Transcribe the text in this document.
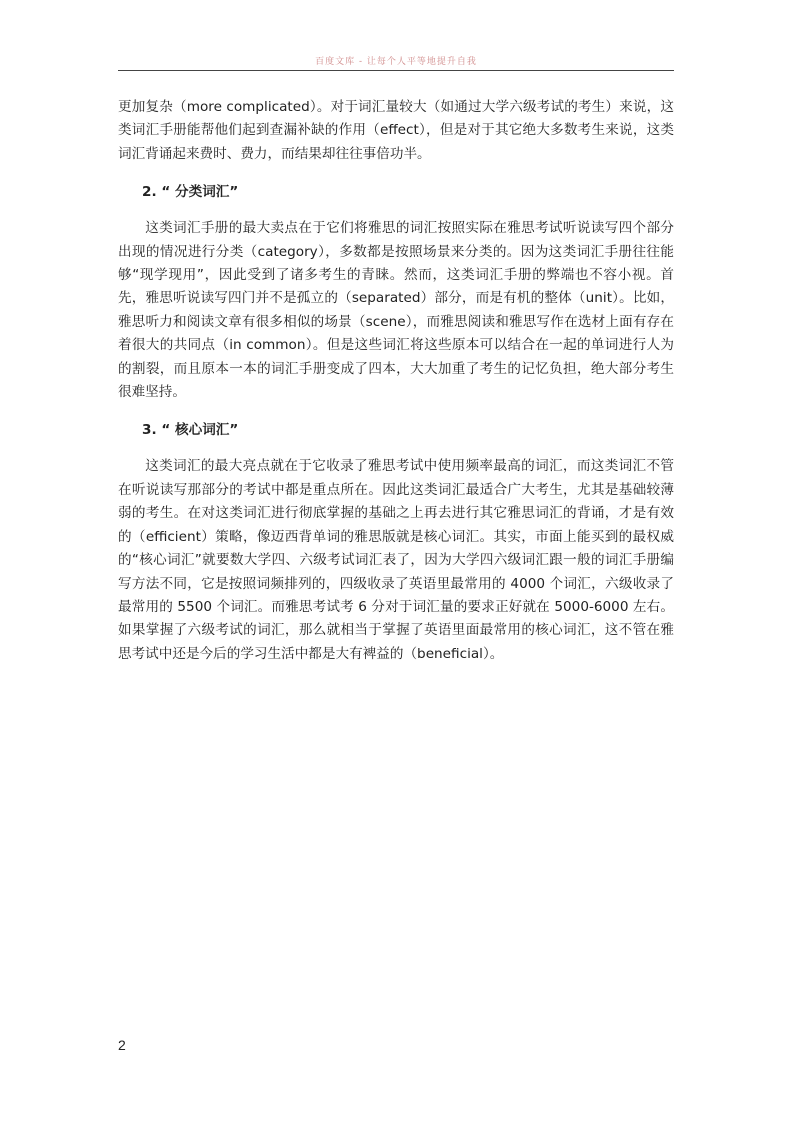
百度文库 - 让每个人平等地提升自我

更加复杂（more complicated）。对于词汇量较大（如通过大学六级考试的考生）来说，这类词汇手册能帮他们起到查漏补缺的作用（effect），但是对于其它绝大多数考生来说，这类词汇背诵起来费时、费力，而结果却往往事倍功半。

2. “ 分类词汇”

这类词汇手册的最大卖点在于它们将雅思的词汇按照实际在雅思考试听说读写四个部分出现的情况进行分类（category），多数都是按照场景来分类的。因为这类词汇手册往往能够“现学现用”，因此受到了诸多考生的青睐。然而，这类词汇手册的弊端也不容小视。首先，雅思听说读写四门并不是孤立的（separated）部分，而是有机的整体（unit）。比如，雅思听力和阅读文章有很多相似的场景（scene），而雅思阅读和雅思写作在选材上面有存在着很大的共同点（in common）。但是这些词汇将这些原本可以结合在一起的单词进行人为的割裂，而且原本一本的词汇手册变成了四本，大大加重了考生的记忆负担，绝大部分考生很难坚持。

3. “ 核心词汇”

这类词汇的最大亮点就在于它收录了雅思考试中使用频率最高的词汇，而这类词汇不管在听说读写那部分的考试中都是重点所在。因此这类词汇最适合广大考生，尤其是基础较薄弱的考生。在对这类词汇进行彻底掌握的基础之上再去进行其它雅思词汇的背诵，才是有效的（efficient）策略，像迈西背单词的雅思版就是核心词汇。其实，市面上能买到的最权威的“核心词汇”就要数大学四、六级考试词汇表了，因为大学四六级词汇跟一般的词汇手册编写方法不同，它是按照词频排列的，四级收录了英语里最常用的 4000 个词汇，六级收录了最常用的 5500 个词汇。而雅思考试考 6 分对于词汇量的要求正好就在 5000-6000 左右。如果掌握了六级考试的词汇，那么就相当于掌握了英语里面最常用的核心词汇，这不管在雅思考试中还是今后的学习生活中都是大有裨益的（beneficial）。

2
